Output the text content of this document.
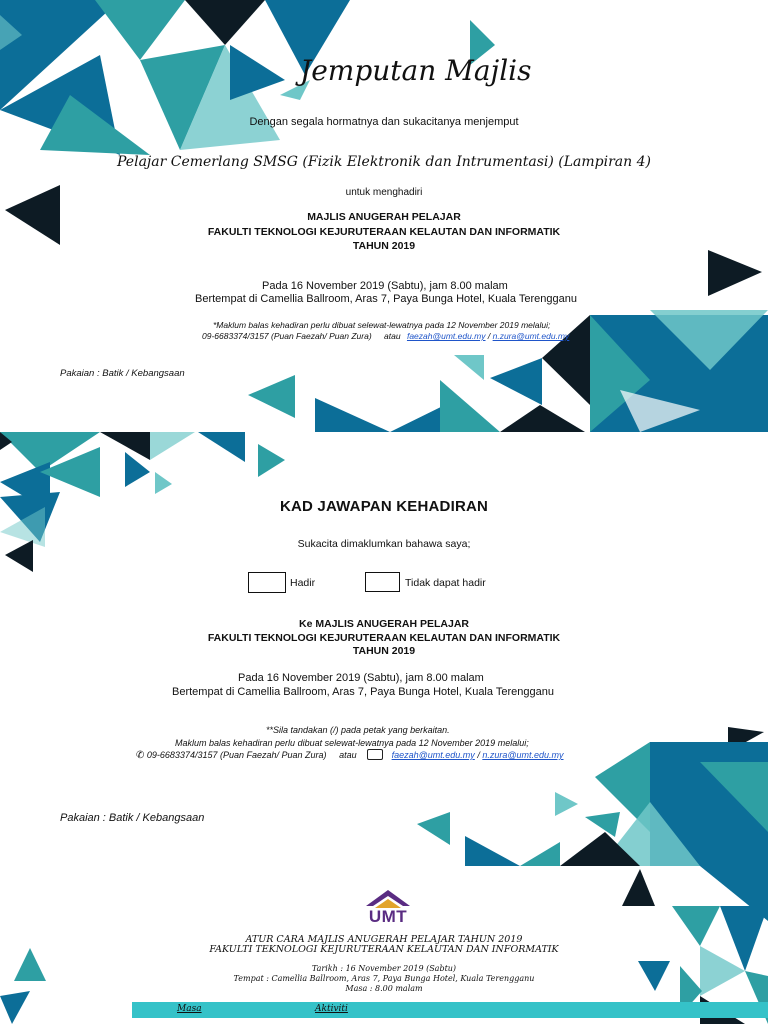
Jemputan Majlis
Dengan segala hormatnya dan sukacitanya menjemput
Pelajar Cemerlang SMSG (Fizik Elektronik dan Intrumentasi) (Lampiran 4)
untuk menghadiri
MAJLIS ANUGERAH PELAJAR
FAKULTI TEKNOLOGI KEJURUTERAAN KELAUTAN DAN INFORMATIK
TAHUN 2019
Pada 16 November 2019 (Sabtu), jam 8.00 malam
Bertempat di Camellia Ballroom, Aras 7, Paya Bunga Hotel, Kuala Terengganu
*Maklum balas kehadiran perlu dibuat selewat-lewatnya pada 12 November 2019 melalui;
09-6683374/3157 (Puan Faezah/ Puan Zura) atau faezah@umt.edu.my / n.zura@umt.edu.my
Pakaian : Batik / Kebangsaan
KAD JAWAPAN KEHADIRAN
Sukacita dimaklumkan bahawa saya;
Hadir	Tidak dapat hadir
Ke MAJLIS ANUGERAH PELAJAR
FAKULTI TEKNOLOGI KEJURUTERAAN KELAUTAN DAN INFORMATIK
TAHUN 2019
Pada 16 November 2019 (Sabtu), jam 8.00 malam
Bertempat di Camellia Ballroom, Aras 7, Paya Bunga Hotel, Kuala Terengganu
**Sila tandakan (/) pada petak yang berkaitan.
Maklum balas kehadiran perlu dibuat selewat-lewatnya pada 12 November 2019 melalui;
✆ 09-6683374/3157 (Puan Faezah/ Puan Zura) atau	faezah@umt.edu.my / n.zura@umt.edu.my
Pakaian : Batik / Kebangsaan
UMT
ATUR CARA MAJLIS ANUGERAH PELAJAR TAHUN 2019
FAKULTI TEKNOLOGI KEJURUTERAAN KELAUTAN DAN INFORMATIK
Tarikh : 16 November 2019 (Sabtu)
Tempat : Camellia Ballroom, Aras 7, Paya Bunga Hotel, Kuala Terengganu
Masa : 8.00 malam
Masa	Aktiviti
